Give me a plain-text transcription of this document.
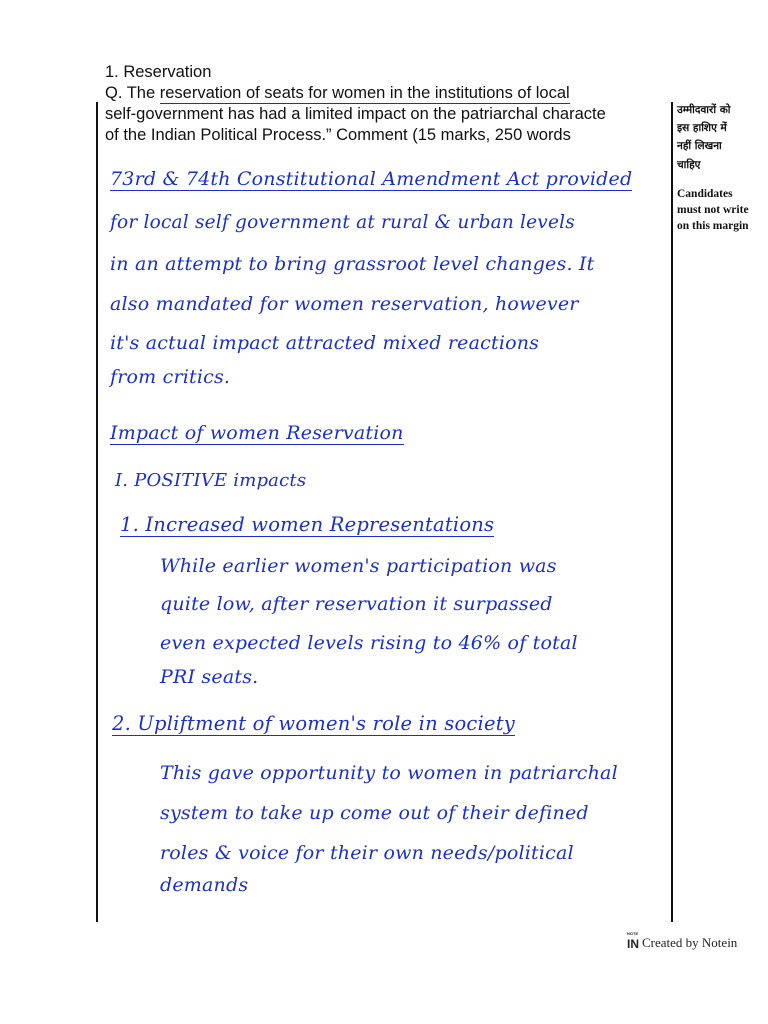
1. Reservation
Q. The reservation of seats for women in the institutions of local
self-government has had a limited impact on the patriarchal characte
of the Indian Political Process.” Comment (15 marks, 250 words
उम्मीदवारों को
इस हाशिए में
नहीं लिखना
चाहिए
Candidates
must not write
on this margin
73rd & 74th Constitutional Amendment Act provided
for local self government at rural & urban levels
in an attempt to bring grassroot level changes. It
also mandated for women reservation, however
it's actual impact attracted mixed reactions
from critics.
Impact of women Reservation
I. POSITIVE impacts
1. Increased women Representations
While earlier women's participation was
quite low, after reservation it surpassed
even expected levels rising to 46% of total
PRI seats.
2. Upliftment of women's role in society
This gave opportunity to women in patriarchal
system to take up come out of their defined
roles & voice for their own needs/political
demands
NOTE
IN Created by Notein
